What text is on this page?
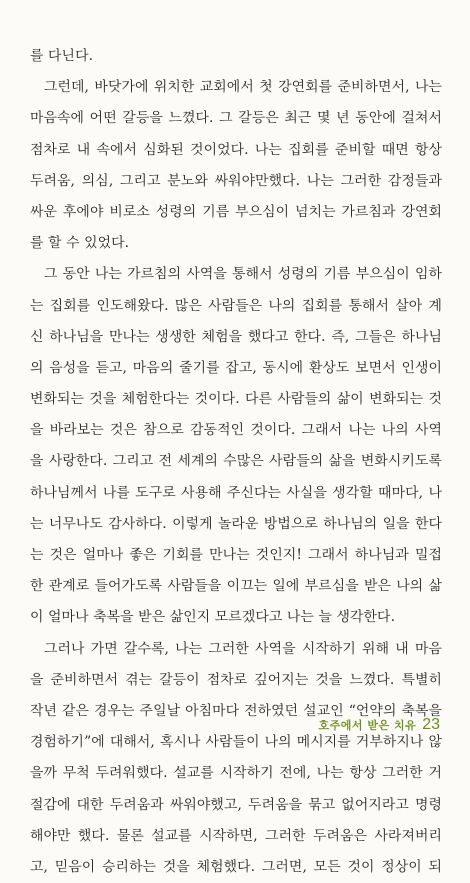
를 다닌다.
그런데, 바닷가에 위치한 교회에서 첫 강연회를 준비하면서, 나는
마음속에 어떤 갈등을 느꼈다. 그 갈등은 최근 몇 년 동안에 걸쳐서
점차로 내 속에서 심화된 것이었다. 나는 집회를 준비할 때면 항상
두려움, 의심, 그리고 분노와 싸워야만했다. 나는 그러한 감정들과
싸운 후에야 비로소 성령의 기름 부으심이 넘치는 가르침과 강연회
를 할 수 있었다.
그 동안 나는 가르침의 사역을 통해서 성령의 기름 부으심이 임하
는 집회를 인도해왔다. 많은 사람들은 나의 집회를 통해서 살아 계
신 하나님을 만나는 생생한 체험을 했다고 한다. 즉, 그들은 하나님
의 음성을 듣고, 마음의 줄기를 잡고, 동시에 환상도 보면서 인생이
변화되는 것을 체험한다는 것이다. 다른 사람들의 삶이 변화되는 것
을 바라보는 것은 참으로 감동적인 것이다. 그래서 나는 나의 사역
을 사랑한다. 그리고 전 세계의 수많은 사람들의 삶을 변화시키도록
하나님께서 나를 도구로 사용해 주신다는 사실을 생각할 때마다, 나
는 너무나도 감사하다. 이렇게 놀라운 방법으로 하나님의 일을 한다
는 것은 얼마나 좋은 기회를 만나는 것인지! 그래서 하나님과 밀접
한 관계로 들어가도록 사람들을 이끄는 일에 부르심을 받은 나의 삶
이 얼마나 축복을 받은 삶인지 모르겠다고 나는 늘 생각한다.
그러나 가면 갈수록, 나는 그러한 사역을 시작하기 위해 내 마음
을 준비하면서 겪는 갈등이 점차로 깊어지는 것을 느꼈다. 특별히
작년 같은 경우는 주일날 아침마다 전하였던 설교인 “언약의 축복을
경험하기”에 대해서, 혹시나 사람들이 나의 메시지를 거부하지나 않
을까 무척 두려워했다. 설교를 시작하기 전에, 나는 항상 그러한 거
절감에 대한 두려움과 싸워야했고, 두려움을 묶고 없어지라고 명령
해야만 했다. 물론 설교를 시작하면, 그러한 두려움은 사라져버리
고, 믿음이 승리하는 것을 체험했다. 그러면, 모든 것이 정상이 되
호주에서 받은 치유 23
